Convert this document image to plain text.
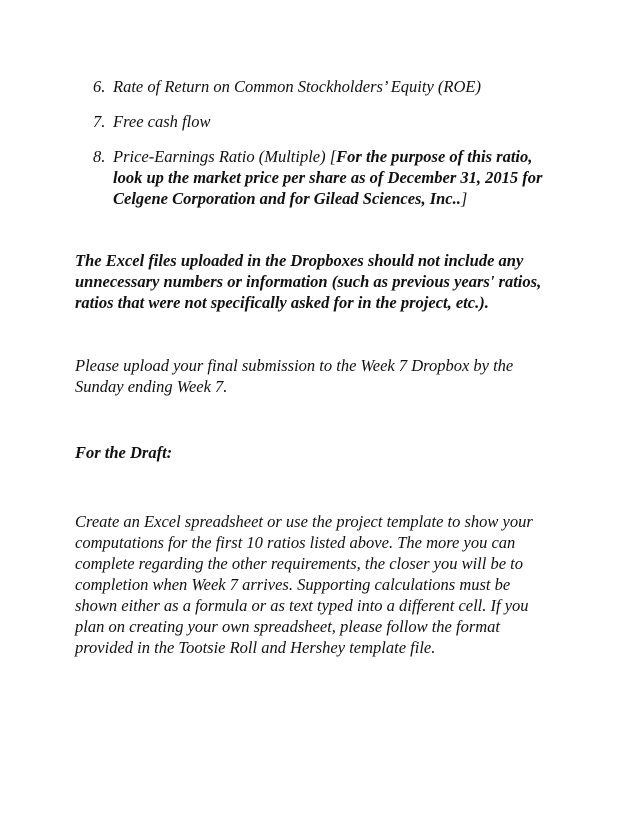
6. Rate of Return on Common Stockholders’ Equity (ROE)
7. Free cash flow
8. Price-Earnings Ratio (Multiple) [For the purpose of this ratio,
look up the market price per share as of December 31, 2015 for
Celgene Corporation and for Gilead Sciences, Inc..]
The Excel files uploaded in the Dropboxes should not include any
unnecessary numbers or information (such as previous years' ratios,
ratios that were not specifically asked for in the project, etc.).
Please upload your final submission to the Week 7 Dropbox by the
Sunday ending Week 7.
For the Draft:
Create an Excel spreadsheet or use the project template to show your
computations for the first 10 ratios listed above. The more you can
complete regarding the other requirements, the closer you will be to
completion when Week 7 arrives. Supporting calculations must be
shown either as a formula or as text typed into a different cell. If you
plan on creating your own spreadsheet, please follow the format
provided in the Tootsie Roll and Hershey template file.
